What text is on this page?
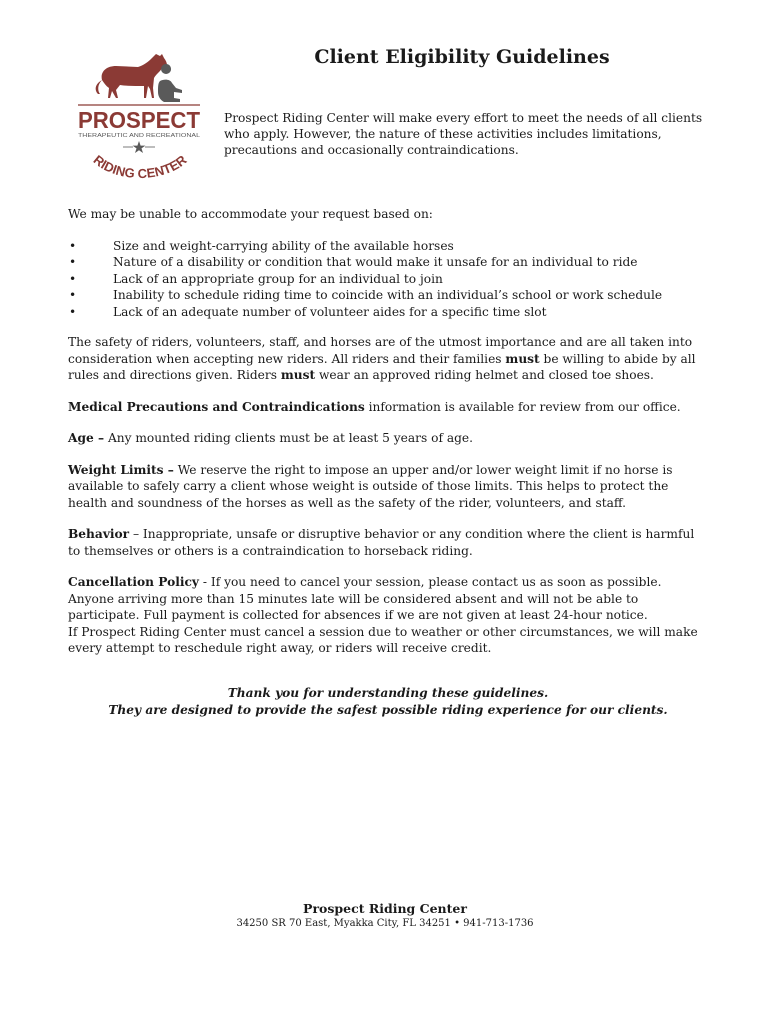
PROSPECT
THERAPEUTIC AND RECREATIONAL
RIDING CENTER
Client Eligibility Guidelines
Prospect Riding Center will make every effort to meet the needs of all clients who apply. However, the nature of these activities includes limitations, precautions and occasionally contraindications.

We may be unable to accommodate your request based on:

• Size and weight-carrying ability of the available horses
• Nature of a disability or condition that would make it unsafe for an individual to ride
• Lack of an appropriate group for an individual to join
• Inability to schedule riding time to coincide with an individual’s school or work schedule
• Lack of an adequate number of volunteer aides for a specific time slot

The safety of riders, volunteers, staff, and horses are of the utmost importance and are all taken into consideration when accepting new riders. All riders and their families must be willing to abide by all rules and directions given. Riders must wear an approved riding helmet and closed toe shoes.

Medical Precautions and Contraindications information is available for review from our office.

Age – Any mounted riding clients must be at least 5 years of age.

Weight Limits – We reserve the right to impose an upper and/or lower weight limit if no horse is available to safely carry a client whose weight is outside of those limits. This helps to protect the health and soundness of the horses as well as the safety of the rider, volunteers, and staff.

Behavior – Inappropriate, unsafe or disruptive behavior or any condition where the client is harmful to themselves or others is a contraindication to horseback riding.

Cancellation Policy - If you need to cancel your session, please contact us as soon as possible. Anyone arriving more than 15 minutes late will be considered absent and will not be able to participate. Full payment is collected for absences if we are not given at least 24-hour notice.
If Prospect Riding Center must cancel a session due to weather or other circumstances, we will make every attempt to reschedule right away, or riders will receive credit.

Thank you for understanding these guidelines.
They are designed to provide the safest possible riding experience for our clients.
Prospect Riding Center
34250 SR 70 East, Myakka City, FL 34251 • 941-713-1736
